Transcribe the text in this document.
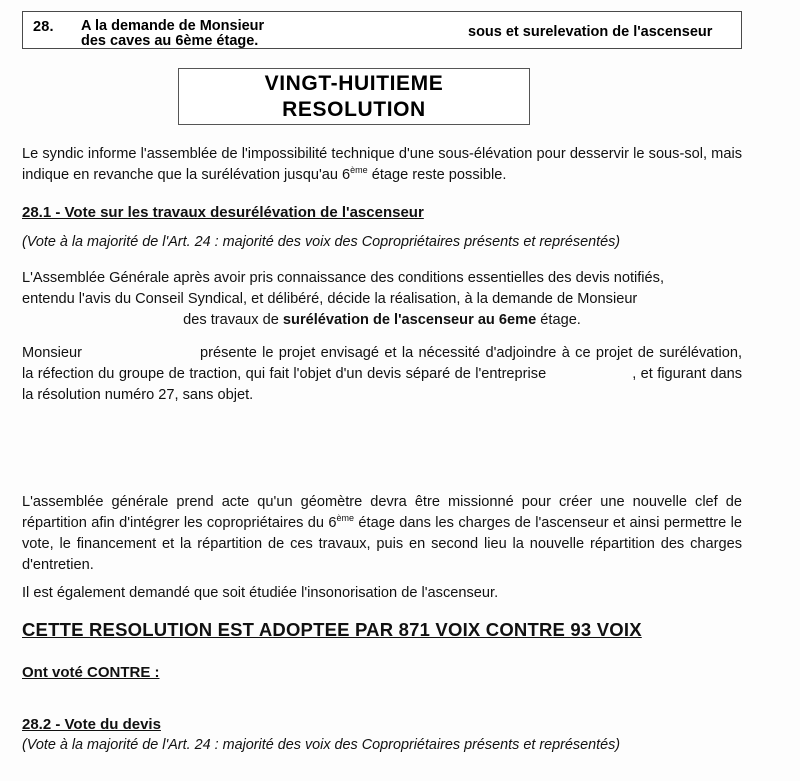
28. A la demande de Monsieur
des caves au 6ème étage.
sous et surelevation de l'ascenseur
VINGT-HUITIEME
RESOLUTION
Le syndic informe l'assemblée de l'impossibilité technique d'une sous-élévation pour desservir le sous-sol, mais indique en revanche que la surélévation jusqu'au 6ème étage reste possible.
28.1 - Vote sur les travaux desurélévation de l'ascenseur
(Vote à la majorité de l'Art. 24 : majorité des voix des Copropriétaires présents et représentés)
L'Assemblée Générale après avoir pris connaissance des conditions essentielles des devis notifiés,
entendu l'avis du Conseil Syndical, et délibéré, décide la réalisation, à la demande de Monsieur
des travaux de surélévation de l'ascenseur au 6eme étage.
Monsieur	présente le projet envisagé et la nécessité d'adjoindre à ce projet de surélévation, la réfection du groupe de traction, qui fait l'objet d'un devis séparé de l'entreprise	, et figurant dans la résolution numéro 27, sans objet.
L'assemblée générale prend acte qu'un géomètre devra être missionné pour créer une nouvelle clef de répartition afin d'intégrer les copropriétaires du 6ème étage dans les charges de l'ascenseur et ainsi permettre le vote, le financement et la répartition de ces travaux, puis en second lieu la nouvelle répartition des charges d'entretien.
Il est également demandé que soit étudiée l'insonorisation de l'ascenseur.
CETTE RESOLUTION EST ADOPTEE PAR 871 VOIX CONTRE 93 VOIX
Ont voté CONTRE :
28.2 - Vote du devis
(Vote à la majorité de l'Art. 24 : majorité des voix des Copropriétaires présents et représentés)
